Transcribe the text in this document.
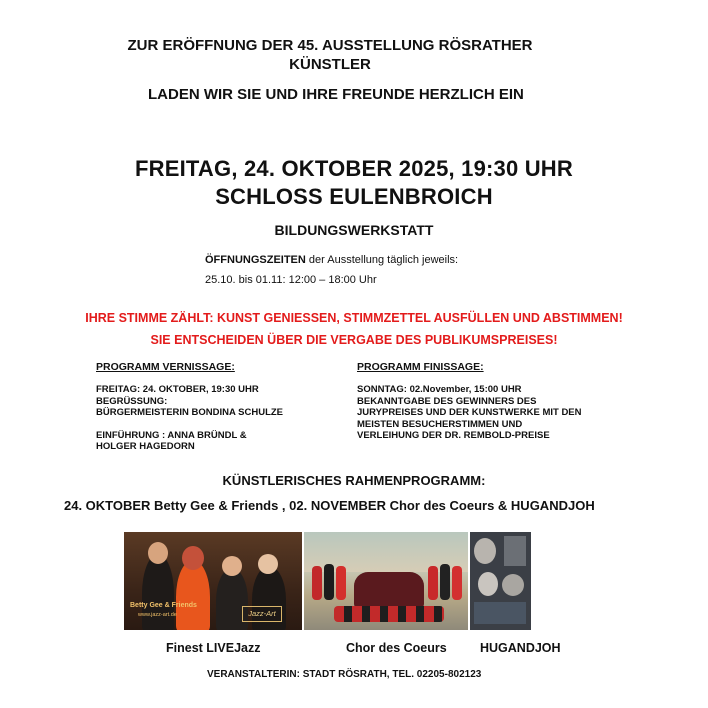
ZUR ERÖFFNUNG DER 45. AUSSTELLUNG RÖSRATHER
KÜNSTLER
LADEN WIR SIE UND IHRE FREUNDE HERZLICH EIN
FREITAG, 24. OKTOBER 2025, 19:30 UHR
SCHLOSS EULENBROICH
BILDUNGSWERKSTATT
ÖFFNUNGSZEITEN der Ausstellung täglich jeweils:
25.10. bis 01.11: 12:00 – 18:00 Uhr
IHRE STIMME ZÄHLT: KUNST GENIESSEN, STIMMZETTEL AUSFÜLLEN UND ABSTIMMEN!
SIE ENTSCHEIDEN ÜBER DIE VERGABE DES PUBLIKUMSPREISES!
PROGRAMM VERNISSAGE:
FREITAG: 24. OKTOBER, 19:30 UHR
BEGRÜSSUNG:
BÜRGERMEISTERIN BONDINA SCHULZE
EINFÜHRUNG : ANNA BRÜNDL &
HOLGER HAGEDORN
PROGRAMM FINISSAGE:
SONNTAG: 02.November, 15:00 UHR
BEKANNTGABE DES GEWINNERS DES
JURYPREISES UND DER KUNSTWERKE MIT DEN
MEISTEN BESUCHERSTIMMEN UND
VERLEIHUNG DER DR. REMBOLD-PREISE
KÜNSTLERISCHES RAHMENPROGRAMM:
24. OKTOBER Betty Gee & Friends , 02. NOVEMBER Chor des Coeurs & HUGANDJOH
Betty Gee & Friends
www.jazz-art.de	Jazz-Art
Finest LIVEJazz	Chor des Coeurs	HUGANDJOH
VERANSTALTERIN: STADT RÖSRATH, TEL. 02205-802123
